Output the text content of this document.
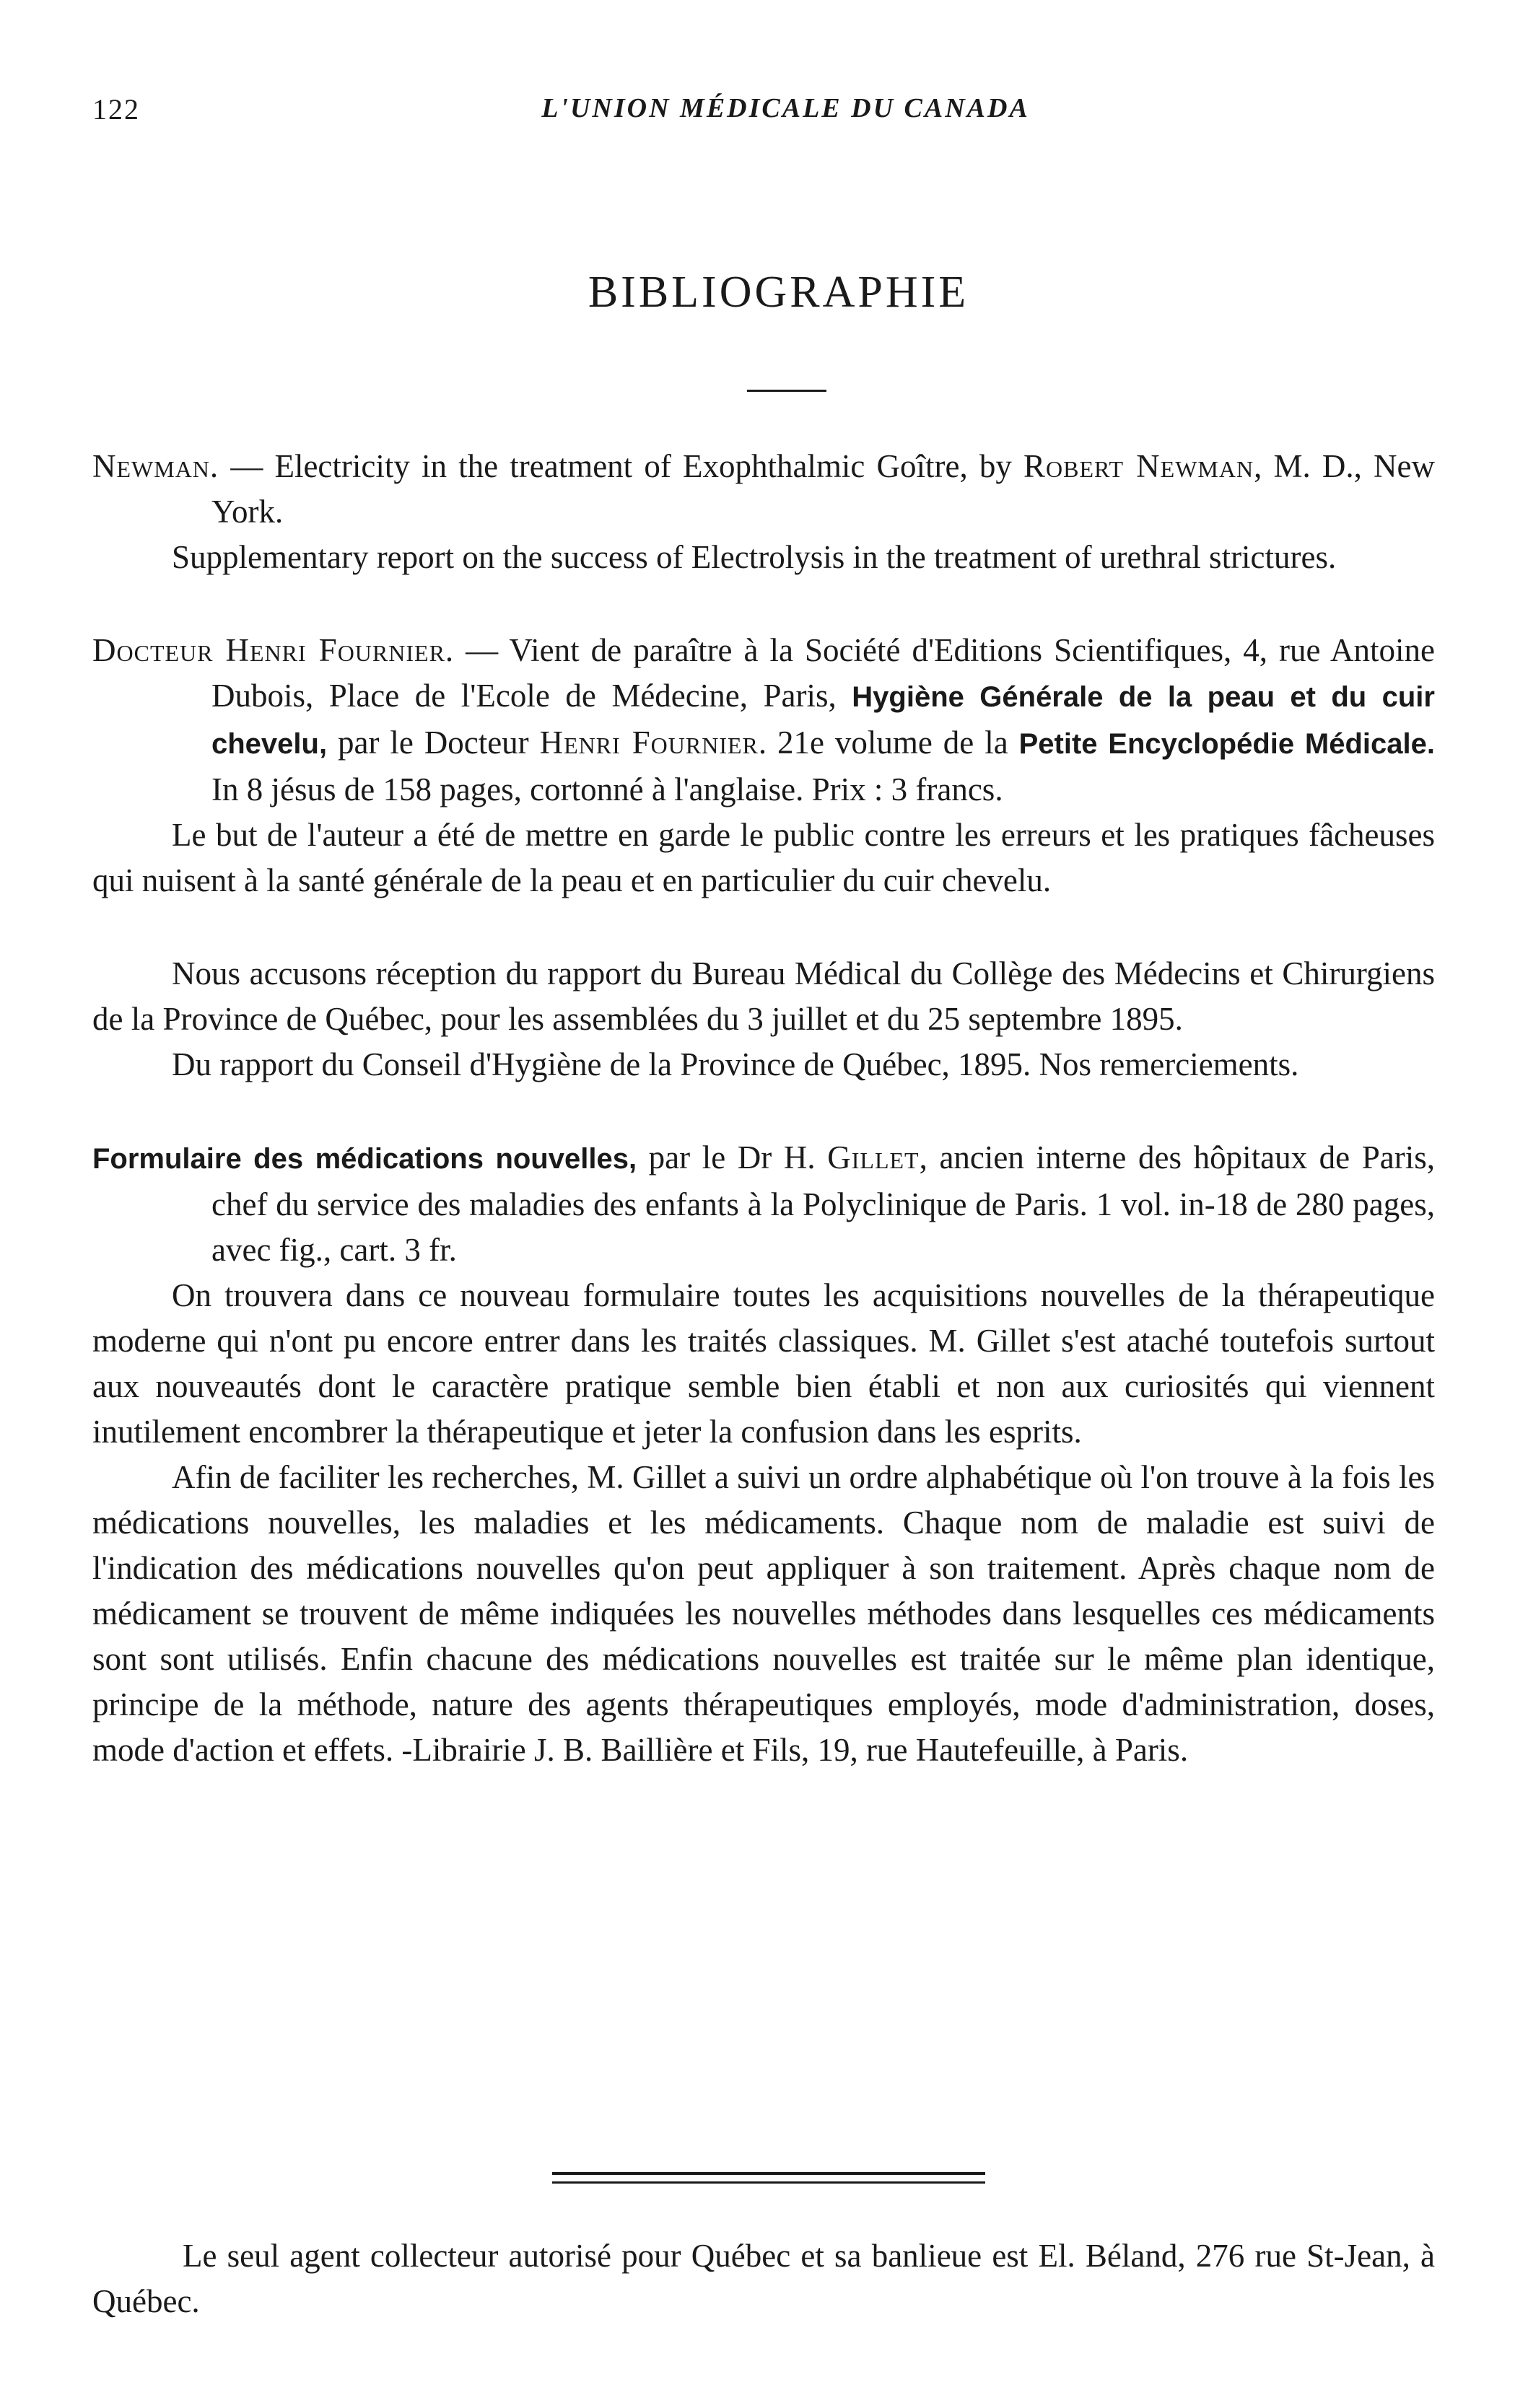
122	L'UNION MÉDICALE DU CANADA
BIBLIOGRAPHIE

Newman. — Electricity in the treatment of Exophthalmic Goître, by Robert Newman, M. D., New York.

Supplementary report on the success of Electrolysis in the treatment of urethral strictures.

Docteur Henri Fournier. — Vient de paraître à la Société d'Editions Scientifiques, 4, rue Antoine Dubois, Place de l'Ecole de Médecine, Paris, Hygiène Générale de la peau et du cuir chevelu, par le Docteur Henri Fournier. 21e volume de la Petite Encyclopédie Médicale. In 8 jésus de 158 pages, cortonné à l'anglaise. Prix : 3 francs.

Le but de l'auteur a été de mettre en garde le public contre les erreurs et les pratiques fâcheuses qui nuisent à la santé générale de la peau et en particulier du cuir chevelu.

Nous accusons réception du rapport du Bureau Médical du Collège des Médecins et Chirurgiens de la Province de Québec, pour les assemblées du 3 juillet et du 25 septembre 1895.

Du rapport du Conseil d'Hygiène de la Province de Québec, 1895. Nos remerciements.

Formulaire des médications nouvelles, par le Dr H. Gillet, ancien interne des hôpitaux de Paris, chef du service des maladies des enfants à la Polyclinique de Paris. 1 vol. in-18 de 280 pages, avec fig., cart. 3 fr.

On trouvera dans ce nouveau formulaire toutes les acquisitions nouvelles de la thérapeutique moderne qui n'ont pu encore entrer dans les traités classiques. M. Gillet s'est ataché toutefois surtout aux nouveautés dont le caractère pratique semble bien établi et non aux curiosités qui viennent inutilement encombrer la thérapeutique et jeter la confusion dans les esprits.

Afin de faciliter les recherches, M. Gillet a suivi un ordre alphabétique où l'on trouve à la fois les médications nouvelles, les maladies et les médicaments. Chaque nom de maladie est suivi de l'indication des médications nouvelles qu'on peut appliquer à son traitement. Après chaque nom de médicament se trouvent de même indiquées les nouvelles méthodes dans lesquelles ces médicaments sont sont utilisés. Enfin chacune des médications nouvelles est traitée sur le même plan identique, principe de la méthode, nature des agents thérapeutiques employés, mode d'administration, doses, mode d'action et effets. -Librairie J. B. Baillière et Fils, 19, rue Hautefeuille, à Paris.

Le seul agent collecteur autorisé pour Québec et sa banlieue est El. Béland, 276 rue St-Jean, à Québec.
